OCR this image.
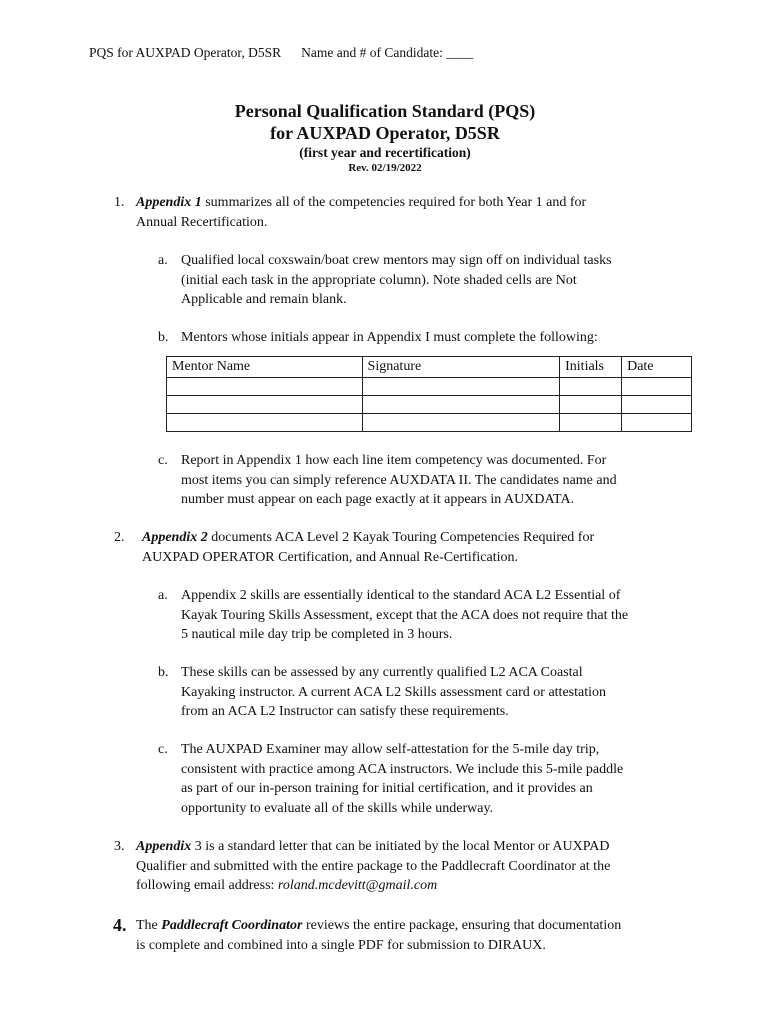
PQS for AUXPAD Operator, D5SR Name and # of Candidate: ____
Personal Qualification Standard (PQS)
for AUXPAD Operator, D5SR
(first year and recertification)
Rev. 02/19/2022
1. Appendix 1 summarizes all of the competencies required for both Year 1 and for
Annual Recertification.
a. Qualified local coxswain/boat crew mentors may sign off on individual tasks
(initial each task in the appropriate column). Note shaded cells are Not
Applicable and remain blank.
b. Mentors whose initials appear in Appendix I must complete the following:
Mentor Name	Signature	Initials	Date

c. Report in Appendix 1 how each line item competency was documented. For
most items you can simply reference AUXDATA II. The candidates name and
number must appear on each page exactly at it appears in AUXDATA.
2. Appendix 2 documents ACA Level 2 Kayak Touring Competencies Required for
AUXPAD OPERATOR Certification, and Annual Re-Certification.
a. Appendix 2 skills are essentially identical to the standard ACA L2 Essential of
Kayak Touring Skills Assessment, except that the ACA does not require that the
5 nautical mile day trip be completed in 3 hours.
b. These skills can be assessed by any currently qualified L2 ACA Coastal
Kayaking instructor. A current ACA L2 Skills assessment card or attestation
from an ACA L2 Instructor can satisfy these requirements.
c. The AUXPAD Examiner may allow self-attestation for the 5-mile day trip,
consistent with practice among ACA instructors. We include this 5-mile paddle
as part of our in-person training for initial certification, and it provides an
opportunity to evaluate all of the skills while underway.
3. Appendix 3 is a standard letter that can be initiated by the local Mentor or AUXPAD
Qualifier and submitted with the entire package to the Paddlecraft Coordinator at the
following email address: roland.mcdevitt@gmail.com
4. The Paddlecraft Coordinator reviews the entire package, ensuring that documentation
is complete and combined into a single PDF for submission to DIRAUX.
